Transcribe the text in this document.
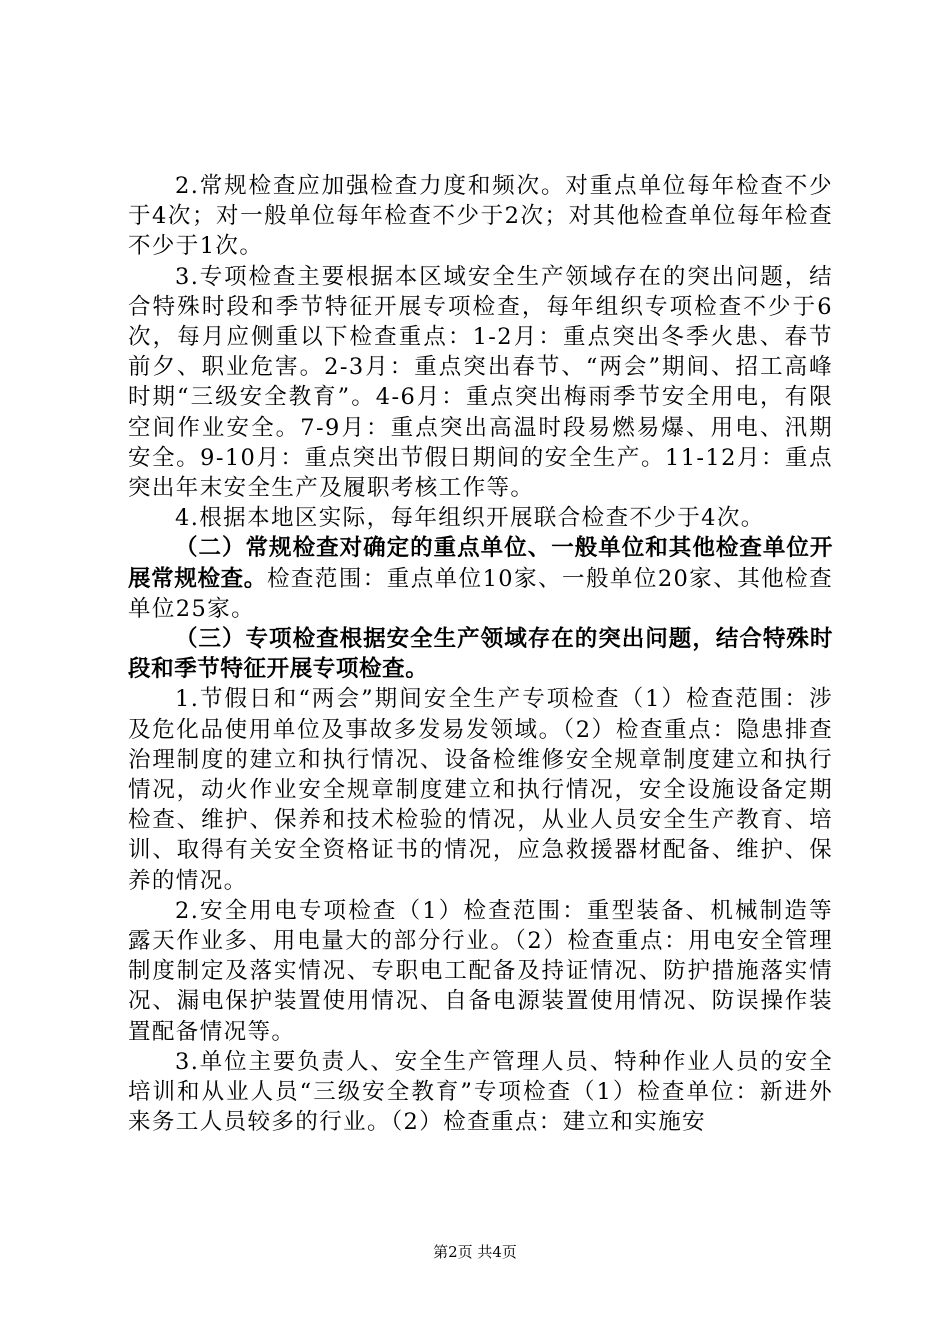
2.常规检查应加强检查力度和频次。对重点单位每年检查不少于4次；对一般单位每年检查不少于2次；对其他检查单位每年检查不少于1次。

3.专项检查主要根据本区域安全生产领域存在的突出问题，结合特殊时段和季节特征开展专项检查，每年组织专项检查不少于6次，每月应侧重以下检查重点：1-2月：重点突出冬季火患、春节前夕、职业危害。2-3月：重点突出春节、“两会”期间、招工高峰时期“三级安全教育”。4-6月：重点突出梅雨季节安全用电，有限空间作业安全。7-9月：重点突出高温时段易燃易爆、用电、汛期安全。9-10月：重点突出节假日期间的安全生产。11-12月：重点突出年末安全生产及履职考核工作等。

4.根据本地区实际，每年组织开展联合检查不少于4次。

（二）常规检查对确定的重点单位、一般单位和其他检查单位开展常规检查。检查范围：重点单位10家、一般单位20家、其他检查单位25家。

（三）专项检查根据安全生产领域存在的突出问题，结合特殊时段和季节特征开展专项检查。

1.节假日和“两会”期间安全生产专项检查（1）检查范围：涉及危化品使用单位及事故多发易发领域。（2）检查重点：隐患排查治理制度的建立和执行情况、设备检维修安全规章制度建立和执行情况，动火作业安全规章制度建立和执行情况，安全设施设备定期检查、维护、保养和技术检验的情况，从业人员安全生产教育、培训、取得有关安全资格证书的情况，应急救援器材配备、维护、保养的情况。

2.安全用电专项检查（1）检查范围：重型装备、机械制造等露天作业多、用电量大的部分行业。（2）检查重点：用电安全管理制度制定及落实情况、专职电工配备及持证情况、防护措施落实情况、漏电保护装置使用情况、自备电源装置使用情况、防误操作装置配备情况等。

3.单位主要负责人、安全生产管理人员、特种作业人员的安全培训和从业人员“三级安全教育”专项检查（1）检查单位：新进外来务工人员较多的行业。（2）检查重点：建立和实施安

第2页 共4页
